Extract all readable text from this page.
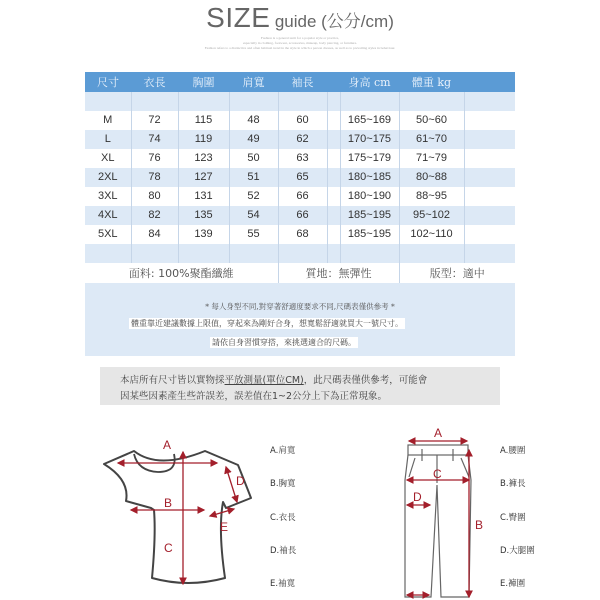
SIZE guide (公分/cm)
Fashion is a general term for a popular style or practice,
especially in clothing, footwear, accessories, makeup, body piercing, or furniture.
Fashion refers to a distinctive and often habitual trend in the style in which a person dresses, as well as to prevailing styles in behaviour.
尺寸	衣長	胸圍	肩寬	袖長		身高 cm	體重 kg	

M	72	115	48	60		165~169	50~60	
L	74	119	49	62		170~175	61~70	
XL	76	123	50	63		175~179	71~79	
2XL	78	127	51	65		180~185	80~88	
3XL	80	131	52	66		180~190	88~95	
4XL	82	135	54	66		185~195	95~102	
5XL	84	139	55	68		185~195	102~110	

面料: 100%聚酯纖維				質地：無彈性			版型：適中	
* 每人身型不同,對穿著舒適度要求不同,尺碼表僅供參考 *
體重靠近建議數據上限值，穿起來為剛好合身，想寬鬆舒適就買大一號尺寸。
請依自身習慣穿搭，來挑選適合的尺碼。
本店所有尺寸皆以實物採平放測量(單位CM)，此尺碼表僅供參考，可能會
因某些因素產生些許誤差，誤差值在1~2公分上下為正常現象。
A
B
C
D
E
A.肩寬
B.胸寬
C.衣長
D.袖長
E.袖寬
A
B
C
D
A.腰圍
B.褲長
C.臀圍
D.大腿圍
E.褲圍
